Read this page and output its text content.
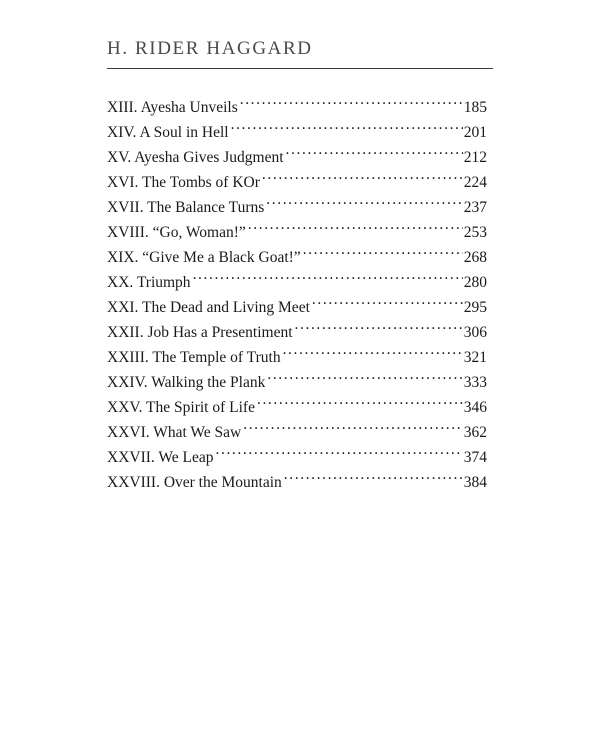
H. RIDER HAGGARD
XIII. Ayesha Unveils .....	185
XIV. A Soul in Hell .....	201
XV. Ayesha Gives Judgment .....	212
XVI. The Tombs of KOr .....	224
XVII. The Balance Turns .....	237
XVIII. “Go, Woman!” .....	253
XIX. “Give Me a Black Goat!” .....	268
XX. Triumph .....	280
XXI. The Dead and Living Meet .....	295
XXII. Job Has a Presentiment .....	306
XXIII. The Temple of Truth .....	321
XXIV. Walking the Plank .....	333
XXV. The Spirit of Life .....	346
XXVI. What We Saw .....	362
XXVII. We Leap .....	374
XXVIII. Over the Mountain .....	384
